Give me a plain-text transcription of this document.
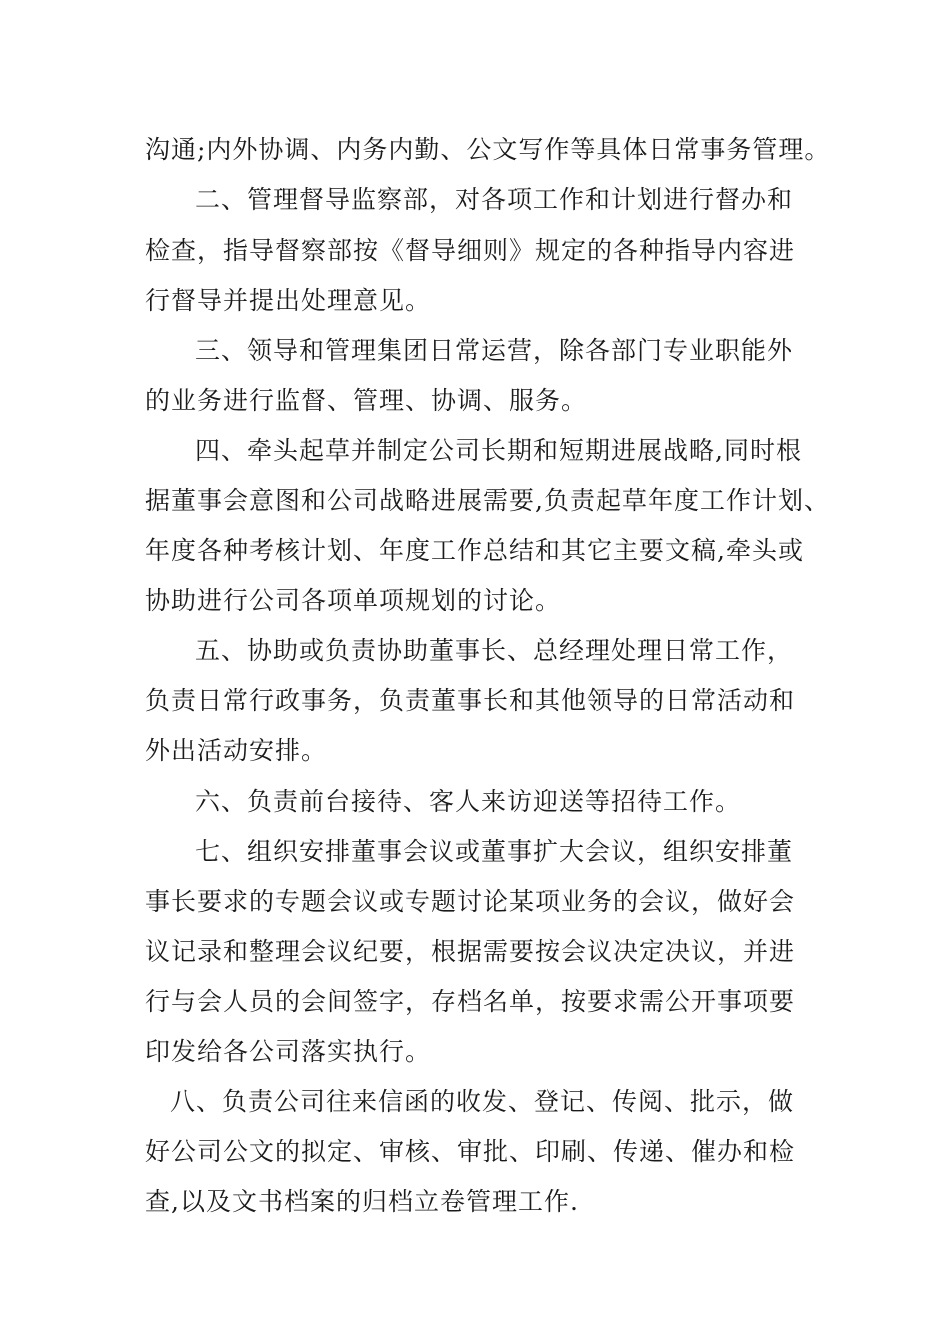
沟通;内外协调、内务内勤、公文写作等具体日常事务管理。
二、管理督导监察部，对各项工作和计划进行督办和
检查，指导督察部按《督导细则》规定的各种指导内容进
行督导并提出处理意见。
三、领导和管理集团日常运营，除各部门专业职能外
的业务进行监督、管理、协调、服务。
四、牵头起草并制定公司长期和短期进展战略,同时根
据董事会意图和公司战略进展需要,负责起草年度工作计划、
年度各种考核计划、年度工作总结和其它主要文稿,牵头或
协助进行公司各项单项规划的讨论。
五、协助或负责协助董事长、总经理处理日常工作，
负责日常行政事务，负责董事长和其他领导的日常活动和
外出活动安排。
六、负责前台接待、客人来访迎送等招待工作。
七、组织安排董事会议或董事扩大会议，组织安排董
事长要求的专题会议或专题讨论某项业务的会议，做好会
议记录和整理会议纪要，根据需要按会议决定决议，并进
行与会人员的会间签字，存档名单，按要求需公开事项要
印发给各公司落实执行。
八、负责公司往来信函的收发、登记、传阅、批示，做
好公司公文的拟定、审核、审批、印刷、传递、催办和检
查,以及文书档案的归档立卷管理工作.
